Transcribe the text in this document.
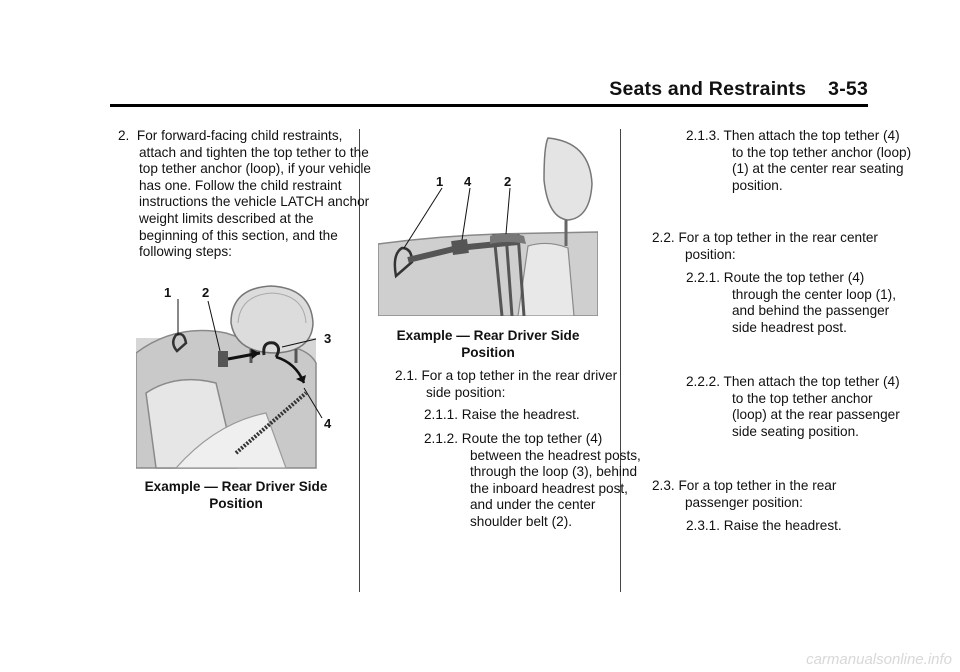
Seats and Restraints 3-53
2. For forward-facing child restraints, attach and tighten the top tether to the top tether anchor (loop), if your vehicle has one. Follow the child restraint instructions the vehicle LATCH anchor weight limits described at the beginning of this section, and the following steps:
1 2
3
4
Example — Rear Driver Side
Position
1 4	2
Example — Rear Driver Side
Position
2.1. For a top tether in the rear driver side position:
2.1.1. Raise the headrest.
2.1.2. Route the top tether (4) between the headrest posts, through the loop (3), behind the inboard headrest post, and under the center shoulder belt (2).
2.1.3. Then attach the top tether (4) to the top tether anchor (loop) (1) at the center rear seating position.
2.2. For a top tether in the rear center position:
2.2.1. Route the top tether (4) through the center loop (1), and behind the passenger side headrest post.
2.2.2. Then attach the top tether (4) to the top tether anchor (loop) at the rear passenger side seating position.
2.3. For a top tether in the rear passenger position:
2.3.1. Raise the headrest.
carmanualsonline.info
